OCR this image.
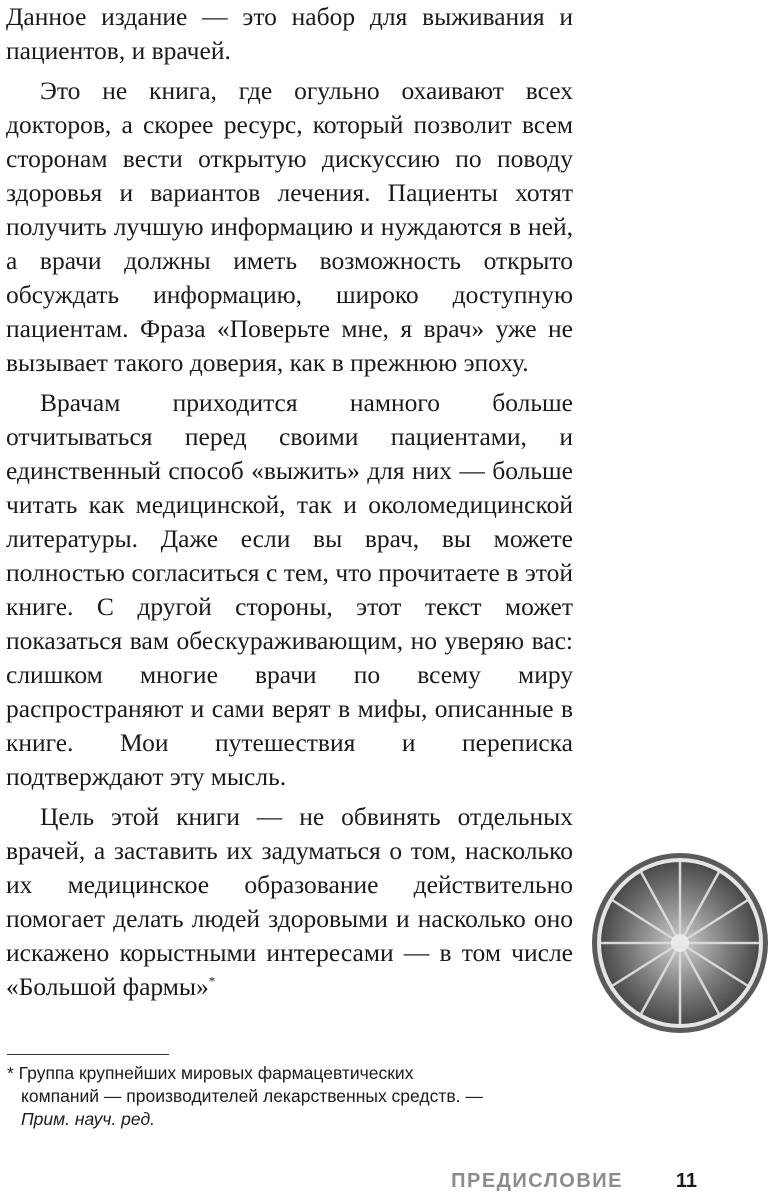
Данное издание — это набор для выживания и пациентов, и врачей.

Это не книга, где огульно охаивают всех докторов, а скорее ресурс, который позволит всем сторонам вести открытую дискуссию по поводу здоровья и вариантов лечения. Пациенты хотят получить лучшую информацию и нуждаются в ней, а врачи должны иметь возможность открыто обсуждать информацию, широко доступную пациентам. Фраза «Поверьте мне, я врач» уже не вызывает такого доверия, как в прежнюю эпоху.

Врачам приходится намного больше отчитываться перед своими пациентами, и единственный способ «выжить» для них — больше читать как медицинской, так и околомедицинской литературы. Даже если вы врач, вы можете полностью согласиться с тем, что прочитаете в этой книге. С другой стороны, этот текст может показаться вам обескураживающим, но уверяю вас: слишком многие врачи по всему миру распространяют и сами верят в мифы, описанные в книге. Мои путешествия и переписка подтверждают эту мысль.

Цель этой книги — не обвинять отдельных врачей, а заставить их задуматься о том, насколько их медицинское образование действительно помогает делать людей здоровыми и насколько оно искажено корыстными интересами — в том числе «Большой фармы»*

* Группа крупнейших мировых фармацевтических
компаний — производителей лекарственных средств. —
Прим. науч. ред.
ПРЕДИСЛОВИЕ	11
